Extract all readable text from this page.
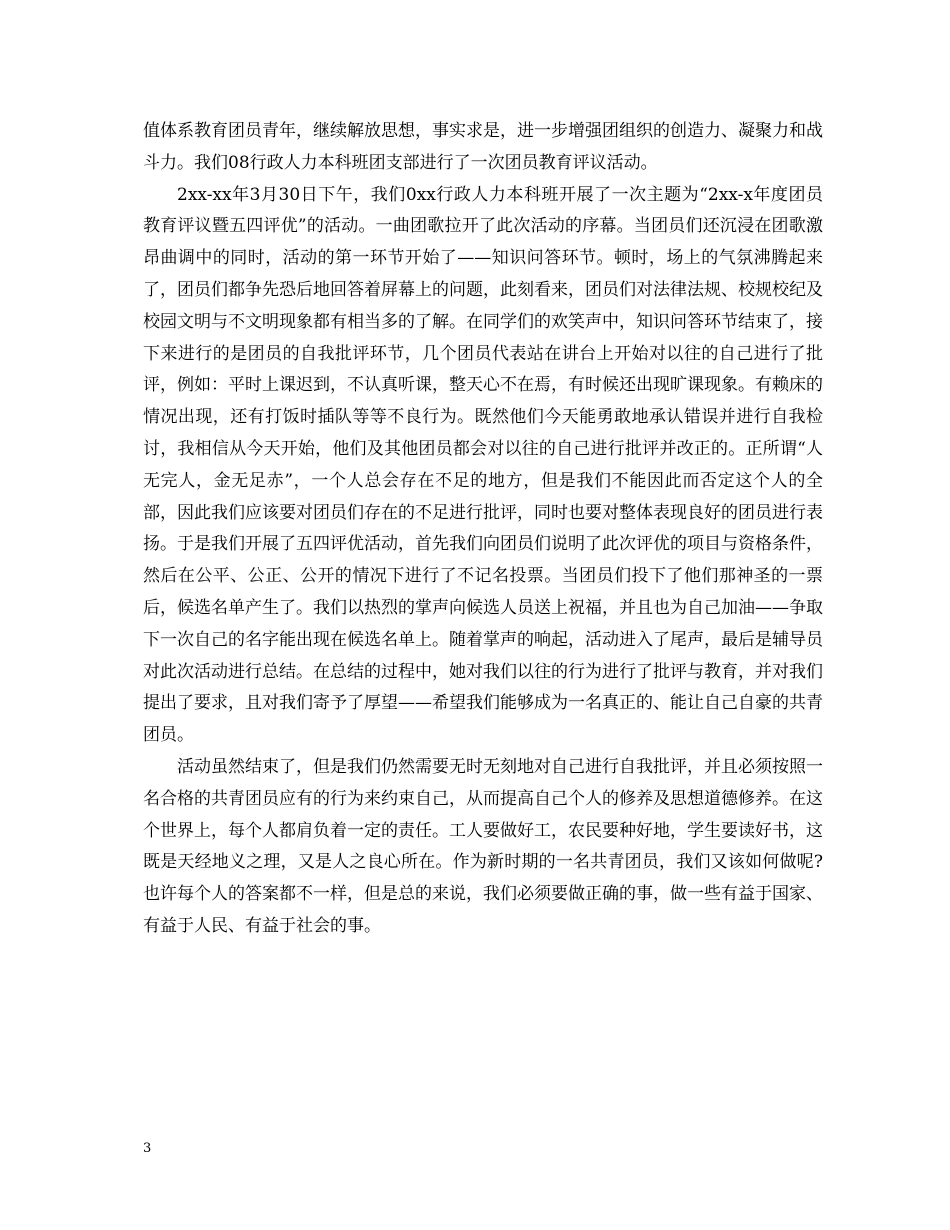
值体系教育团员青年，继续解放思想，事实求是，进一步增强团组织的创造力、凝聚力和战斗力。我们08行政人力本科班团支部进行了一次团员教育评议活动。

2xx-xx年3月30日下午，我们0xx行政人力本科班开展了一次主题为“2xx-x年度团员教育评议暨五四评优”的活动。一曲团歌拉开了此次活动的序幕。当团员们还沉浸在团歌激昂曲调中的同时，活动的第一环节开始了——知识问答环节。顿时，场上的气氛沸腾起来了，团员们都争先恐后地回答着屏幕上的问题，此刻看来，团员们对法律法规、校规校纪及校园文明与不文明现象都有相当多的了解。在同学们的欢笑声中，知识问答环节结束了，接下来进行的是团员的自我批评环节，几个团员代表站在讲台上开始对以往的自己进行了批评，例如：平时上课迟到，不认真听课，整天心不在焉，有时候还出现旷课现象。有赖床的情况出现，还有打饭时插队等等不良行为。既然他们今天能勇敢地承认错误并进行自我检讨，我相信从今天开始，他们及其他团员都会对以往的自己进行批评并改正的。正所谓“人无完人，金无足赤”，一个人总会存在不足的地方，但是我们不能因此而否定这个人的全部，因此我们应该要对团员们存在的不足进行批评，同时也要对整体表现良好的团员进行表扬。于是我们开展了五四评优活动，首先我们向团员们说明了此次评优的项目与资格条件，然后在公平、公正、公开的情况下进行了不记名投票。当团员们投下了他们那神圣的一票后，候选名单产生了。我们以热烈的掌声向候选人员送上祝福，并且也为自己加油——争取下一次自己的名字能出现在候选名单上。随着掌声的响起，活动进入了尾声，最后是辅导员对此次活动进行总结。在总结的过程中，她对我们以往的行为进行了批评与教育，并对我们提出了要求，且对我们寄予了厚望——希望我们能够成为一名真正的、能让自己自豪的共青团员。

活动虽然结束了，但是我们仍然需要无时无刻地对自己进行自我批评，并且必须按照一名合格的共青团员应有的行为来约束自己，从而提高自己个人的修养及思想道德修养。在这个世界上，每个人都肩负着一定的责任。工人要做好工，农民要种好地，学生要读好书，这既是天经地义之理，又是人之良心所在。作为新时期的一名共青团员，我们又该如何做呢?也许每个人的答案都不一样，但是总的来说，我们必须要做正确的事，做一些有益于国家、有益于人民、有益于社会的事。

3
